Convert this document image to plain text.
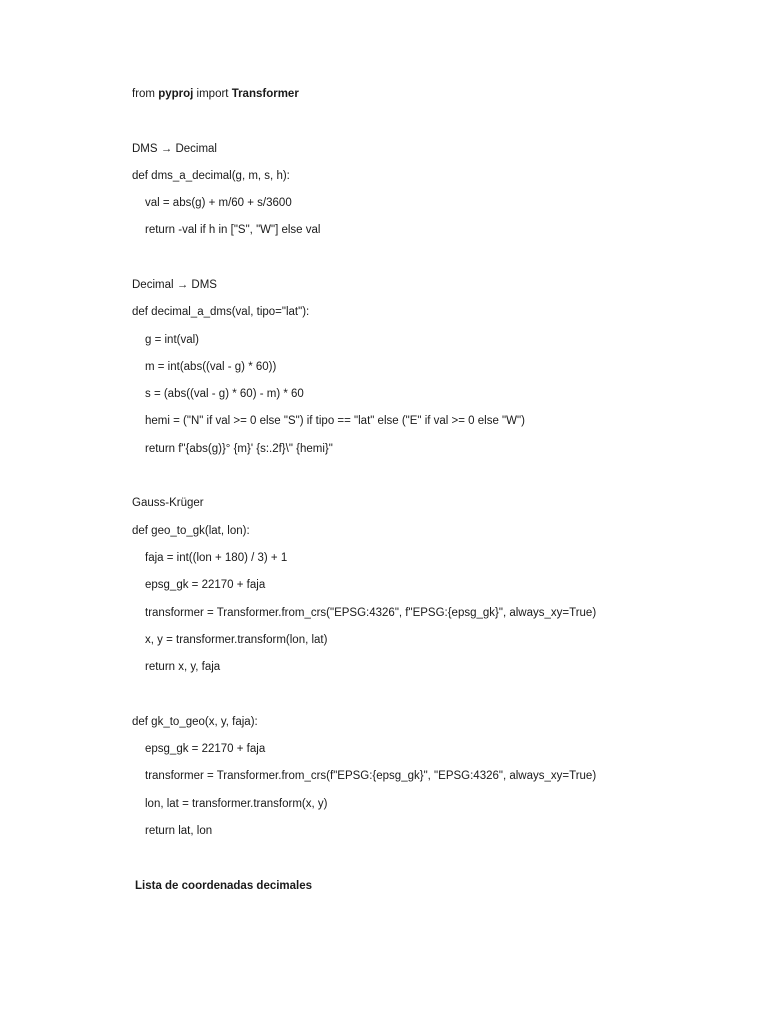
from pyproj import Transformer
DMS → Decimal
def dms_a_decimal(g, m, s, h):
val = abs(g) + m/60 + s/3600
return -val if h in ["S", "W"] else val
Decimal → DMS
def decimal_a_dms(val, tipo="lat"):
g = int(val)
m = int(abs((val - g) * 60))
s = (abs((val - g) * 60) - m) * 60
hemi = ("N" if val >= 0 else "S") if tipo == "lat" else ("E" if val >= 0 else "W")
return f"{abs(g)}° {m}' {s:.2f}\" {hemi}"
Gauss-Krüger
def geo_to_gk(lat, lon):
faja = int((lon + 180) / 3) + 1
epsg_gk = 22170 + faja
transformer = Transformer.from_crs("EPSG:4326", f"EPSG:{epsg_gk}", always_xy=True)
x, y = transformer.transform(lon, lat)
return x, y, faja
def gk_to_geo(x, y, faja):
epsg_gk = 22170 + faja
transformer = Transformer.from_crs(f"EPSG:{epsg_gk}", "EPSG:4326", always_xy=True)
lon, lat = transformer.transform(x, y)
return lat, lon
Lista de coordenadas decimales
